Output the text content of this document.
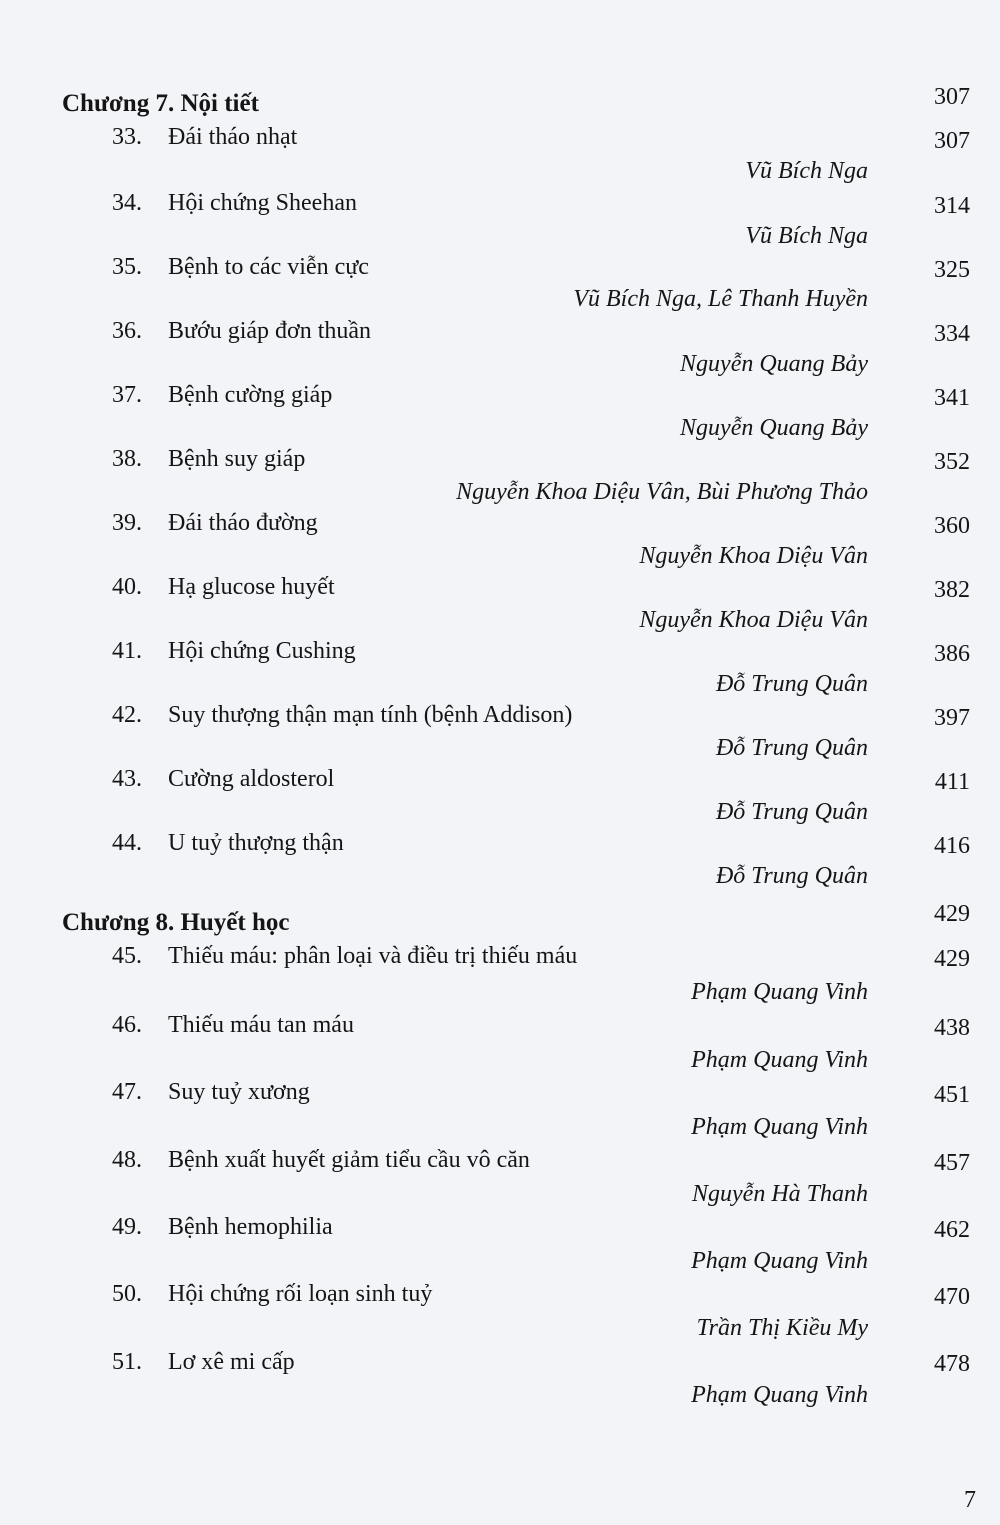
Chương 7. Nội tiết	307
33. Đái tháo nhạt	307
Vũ Bích Nga
34. Hội chứng Sheehan	314
Vũ Bích Nga
35. Bệnh to các viễn cực	325
Vũ Bích Nga, Lê Thanh Huyền
36. Bướu giáp đơn thuần	334
Nguyễn Quang Bảy
37. Bệnh cường giáp	341
Nguyễn Quang Bảy
38. Bệnh suy giáp	352
Nguyễn Khoa Diệu Vân, Bùi Phương Thảo
39. Đái tháo đường	360
Nguyễn Khoa Diệu Vân
40. Hạ glucose huyết	382
Nguyễn Khoa Diệu Vân
41. Hội chứng Cushing	386
Đỗ Trung Quân
42. Suy thượng thận mạn tính (bệnh Addison)	397
Đỗ Trung Quân
43. Cường aldosterol	411
Đỗ Trung Quân
44. U tuỷ thượng thận	416
Đỗ Trung Quân
Chương 8. Huyết học	429
45. Thiếu máu: phân loại và điều trị thiếu máu	429
Phạm Quang Vinh
46. Thiếu máu tan máu	438
Phạm Quang Vinh
47. Suy tuỷ xương	451
Phạm Quang Vinh
48. Bệnh xuất huyết giảm tiểu cầu vô căn	457
Nguyễn Hà Thanh
49. Bệnh hemophilia	462
Phạm Quang Vinh
50. Hội chứng rối loạn sinh tuỷ	470
Trần Thị Kiều My
51. Lơ xê mi cấp	478
Phạm Quang Vinh
7
